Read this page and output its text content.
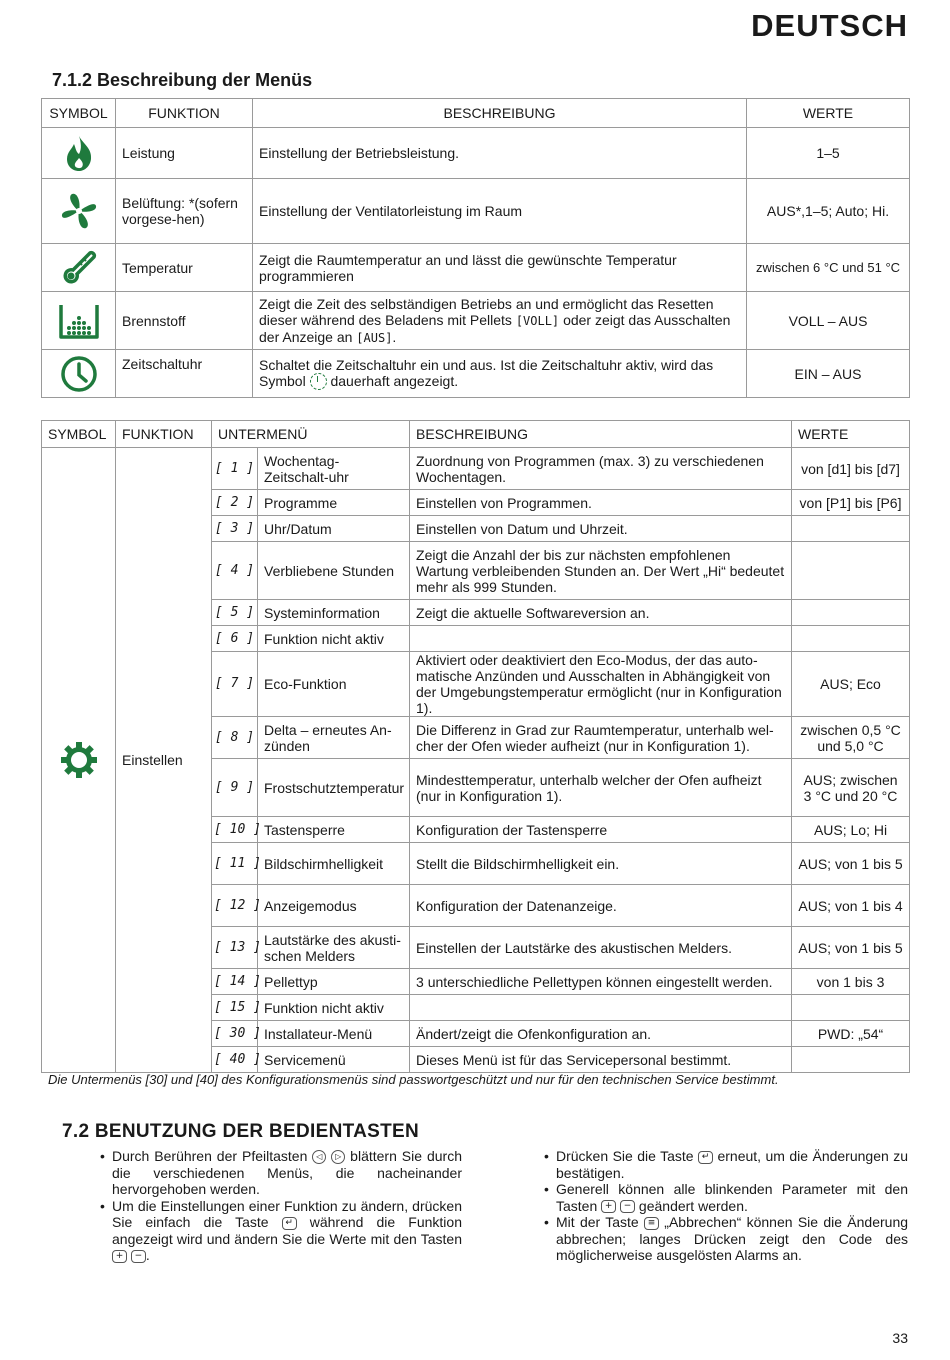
DEUTSCH
7.1.2 Beschreibung der Menüs
SYMBOL	FUNKTION	BESCHREIBUNG	WERTE

	Leistung	Einstellung der Betriebsleistung.	1–5

	Belüftung: *(sofern vorgese-hen)	Einstellung der Ventilatorleistung im Raum	AUS*,1–5; Auto; Hi.

	Temperatur	Zeigt die Raumtemperatur an und lässt die gewünschte Temperatur programmieren	zwischen 6 °C und 51 °C

	Brennstoff	Zeigt die Zeit des selbständigen Betriebs an und ermöglicht das Resetten dieser während des Beladens mit Pellets [VOLL] oder zeigt das Ausschalten der Anzeige an [AUS].	VOLL – AUS

	Zeitschaltuhr	Schaltet die Zeitschaltuhr ein und aus. Ist die Zeitschaltuhr aktiv, wird das Symbol dauerhaft angezeigt.	EIN – AUS
SYMBOL	FUNKTION	UNTERMENÜ		BESCHREIBUNG	WERTE

	Einstellen	[ 1 ]	Wochentag-Zeitschalt-uhr	Zuordnung von Programmen (max. 3) zu verschiedenen Wochentagen.	von [d1] bis [d7]
		[ 2 ]	Programme	Einstellen von Programmen.	von [P1] bis [P6]
		[ 3 ]	Uhr/Datum	Einstellen von Datum und Uhrzeit.	
		[ 4 ]	Verbliebene Stunden	Zeigt die Anzahl der bis zur nächsten empfohlenen Wartung verbleibenden Stunden an. Der Wert „Hi“ bedeutet mehr als 999 Stunden.	
		[ 5 ]	Systeminformation	Zeigt die aktuelle Softwareversion an.	
		[ 6 ]	Funktion nicht aktiv		
		[ 7 ]	Eco-Funktion	Aktiviert oder deaktiviert den Eco-Modus, der das auto-matische Anzünden und Ausschalten in Abhängigkeit von der Umgebungstemperatur ermöglicht (nur in Konfiguration 1).	AUS; Eco
		[ 8 ]	Delta – erneutes An-zünden	Die Differenz in Grad zur Raumtemperatur, unterhalb wel-cher der Ofen wieder aufheizt (nur in Konfiguration 1).	zwischen 0,5 °C und 5,0 °C
		[ 9 ]	Frostschutztemperatur	Mindesttemperatur, unterhalb welcher der Ofen aufheizt (nur in Konfiguration 1).	AUS; zwischen 3 °C und 20 °C
		[ 10 ]	Tastensperre	Konfiguration der Tastensperre	AUS; Lo; Hi
		[ 11 ]	Bildschirmhelligkeit	Stellt die Bildschirmhelligkeit ein.	AUS; von 1 bis 5
		[ 12 ]	Anzeigemodus	Konfiguration der Datenanzeige.	AUS; von 1 bis 4
		[ 13 ]	Lautstärke des akusti-schen Melders	Einstellen der Lautstärke des akustischen Melders.	AUS; von 1 bis 5
		[ 14 ]	Pellettyp	3 unterschiedliche Pellettypen können eingestellt werden.	von 1 bis 3
		[ 15 ]	Funktion nicht aktiv		
		[ 30 ]	Installateur-Menü	Ändert/zeigt die Ofenkonfiguration an.	PWD: „54“
		[ 40 ]	Servicemenü	Dieses Menü ist für das Servicepersonal bestimmt.	
Die Untermenüs [30] und [40] des Konfigurationsmenüs sind passwortgeschützt und nur für den technischen Service bestimmt.
7.2 BENUTZUNG DER BEDIENTASTEN
• Durch Berühren der Pfeiltasten ◁ ▷ blättern Sie durch die verschiedenen Menüs, die nacheinander hervorgehoben werden.
• Um die Einstellungen einer Funktion zu ändern, drücken Sie einfach die Taste ↵ während die Funktion angezeigt wird und ändern Sie die Werte mit den Tasten + − .
• Drücken Sie die Taste ↵ erneut, um die Änderungen zu bestätigen.
• Generell können alle blinkenden Parameter mit den Tasten + − geändert werden.
• Mit der Taste ≡ „Abbrechen“ können Sie die Änderung abbrechen; langes Drücken zeigt den Code des möglicherweise ausgelösten Alarms an.
33
